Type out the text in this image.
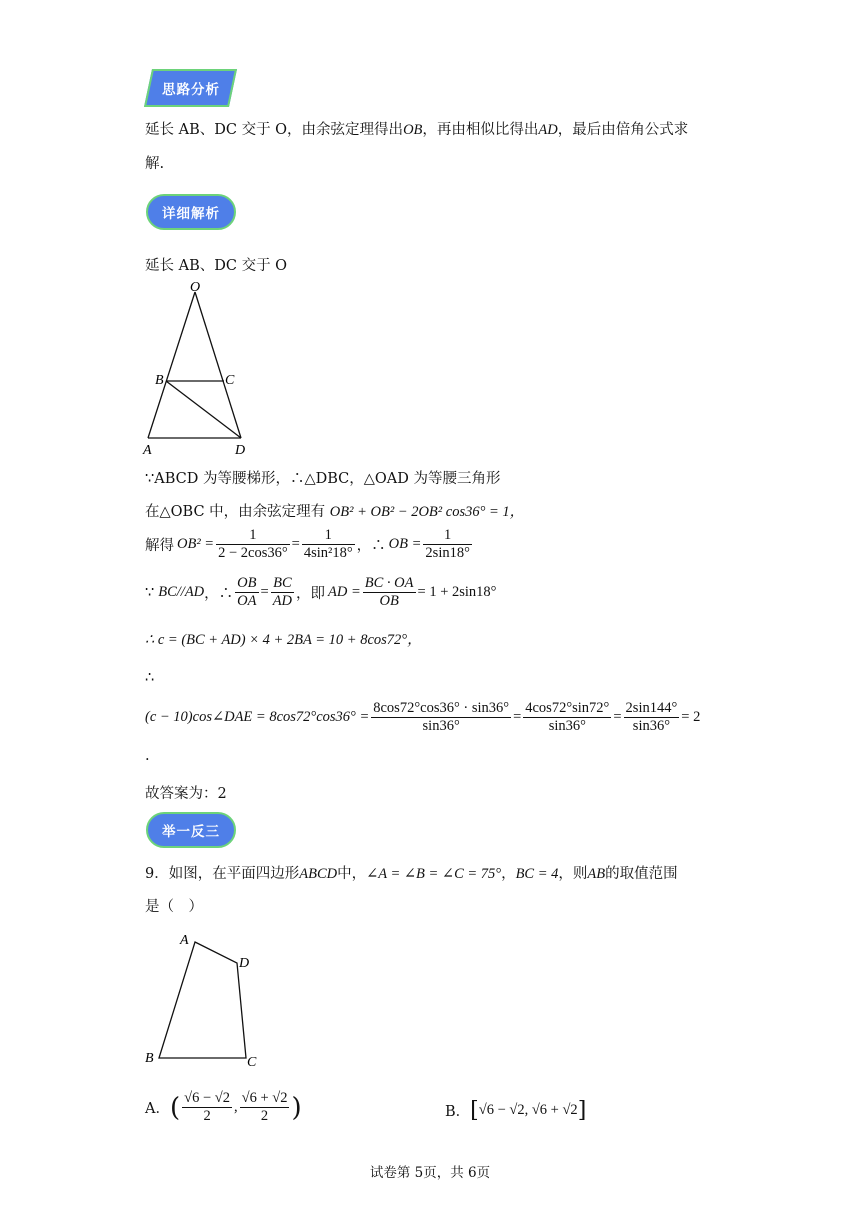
思路分析
延长 AB、DC 交于 O，由余弦定理得出OB，再由相似比得出AD，最后由倍角公式求
解.
详细解析
延长 AB、DC 交于 O
O
B	C
A	D
∵ABCD 为等腰梯形，∴△DBC，△OAD 为等腰三角形
在△OBC 中，由余弦定理有 OB² + OB² − 2OB² cos36° = 1，
解得 $OB^2 = \frac{1}{2 - 2\cos 36^\circ} = \frac{1}{\text{4sin²18°}}$ ，∴ OB = $\frac{1}{2\sin 18^\circ}$
∵ BC//AD ，∴ $\frac{OB}{OA} = \frac{BC}{AD}$ ，即 AD = $\frac{BC \cdot OA}{OB} = 1 + 2\sin 18^\circ$
∴ c = (BC + AD) × 4 + 2BA = 10 + 8cos72°，
∴
(c − 10)cos∠DAE = $8\cos 72^\circ\cos 36^\circ = \frac{8\cos 72^\circ\cos 36^\circ \cdot \sin 36^\circ}{\sin 36^\circ} = \frac{4\cos 72^\circ\sin 72^\circ}{\sin 36^\circ} = \frac{2\sin 144^\circ}{\sin 36^\circ} = 2$
.
故答案为：2
举一反三
9．如图，在平面四边形ABCD中，∠A = ∠B = ∠C = 75°，BC = 4，则AB的取值范围
是（　）
A
D
B	C
A． ( $\frac{√6 - √2}{2}$ , $\frac{√6 + √2}{2}$ )	B． [ √6 − √2, √6 + √2 ]
试卷第 5页，共 6页
